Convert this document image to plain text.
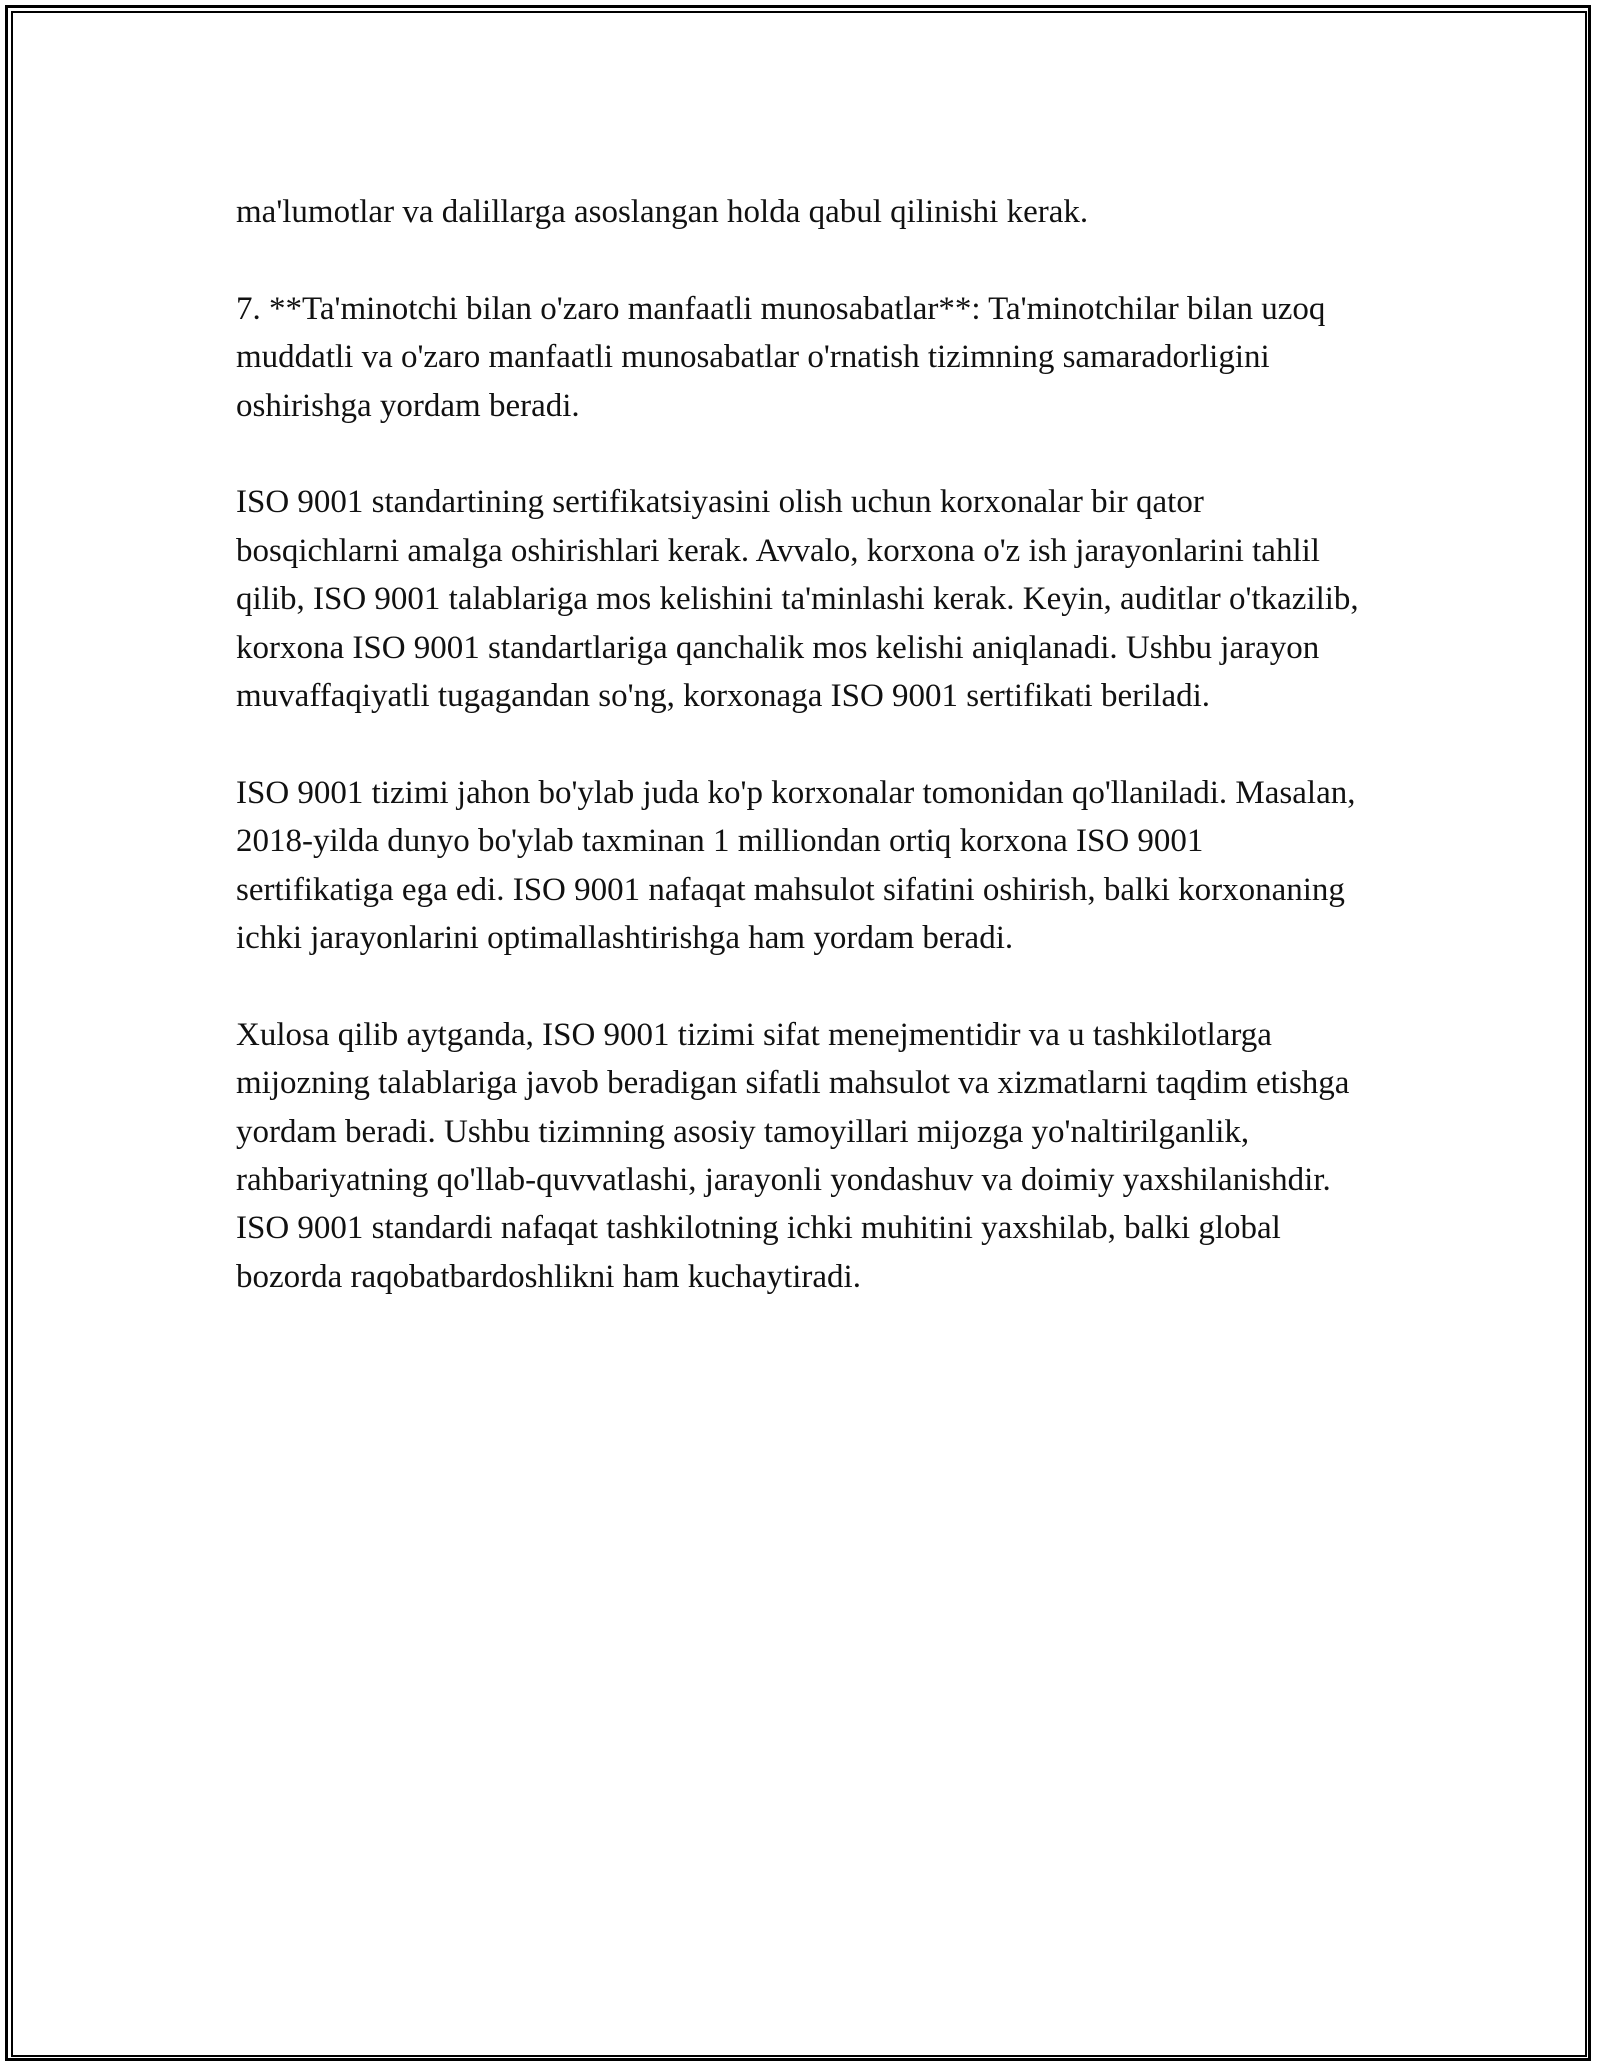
ma'lumotlar va dalillarga asoslangan holda qabul qilinishi kerak.

7. **Ta'minotchi bilan o'zaro manfaatli munosabatlar**: Ta'minotchilar bilan uzoq muddatli va o'zaro manfaatli munosabatlar o'rnatish tizimning samaradorligini oshirishga yordam beradi.

ISO 9001 standartining sertifikatsiyasini olish uchun korxonalar bir qator bosqichlarni amalga oshirishlari kerak. Avvalo, korxona o'z ish jarayonlarini tahlil qilib, ISO 9001 talablariga mos kelishini ta'minlashi kerak. Keyin, auditlar o'tkazilib, korxona ISO 9001 standartlariga qanchalik mos kelishi aniqlanadi. Ushbu jarayon muvaffaqiyatli tugagandan so'ng, korxonaga ISO 9001 sertifikati beriladi.

ISO 9001 tizimi jahon bo'ylab juda ko'p korxonalar tomonidan qo'llaniladi. Masalan, 2018-yilda dunyo bo'ylab taxminan 1 milliondan ortiq korxona ISO 9001 sertifikatiga ega edi. ISO 9001 nafaqat mahsulot sifatini oshirish, balki korxonaning ichki jarayonlarini optimallashtirishga ham yordam beradi.

Xulosa qilib aytganda, ISO 9001 tizimi sifat menejmentidir va u tashkilotlarga mijozning talablariga javob beradigan sifatli mahsulot va xizmatlarni taqdim etishga yordam beradi. Ushbu tizimning asosiy tamoyillari mijozga yo'naltirilganlik, rahbariyatning qo'llab-quvvatlashi, jarayonli yondashuv va doimiy yaxshilanishdir. ISO 9001 standardi nafaqat tashkilotning ichki muhitini yaxshilab, balki global bozorda raqobatbardoshlikni ham kuchaytiradi.
